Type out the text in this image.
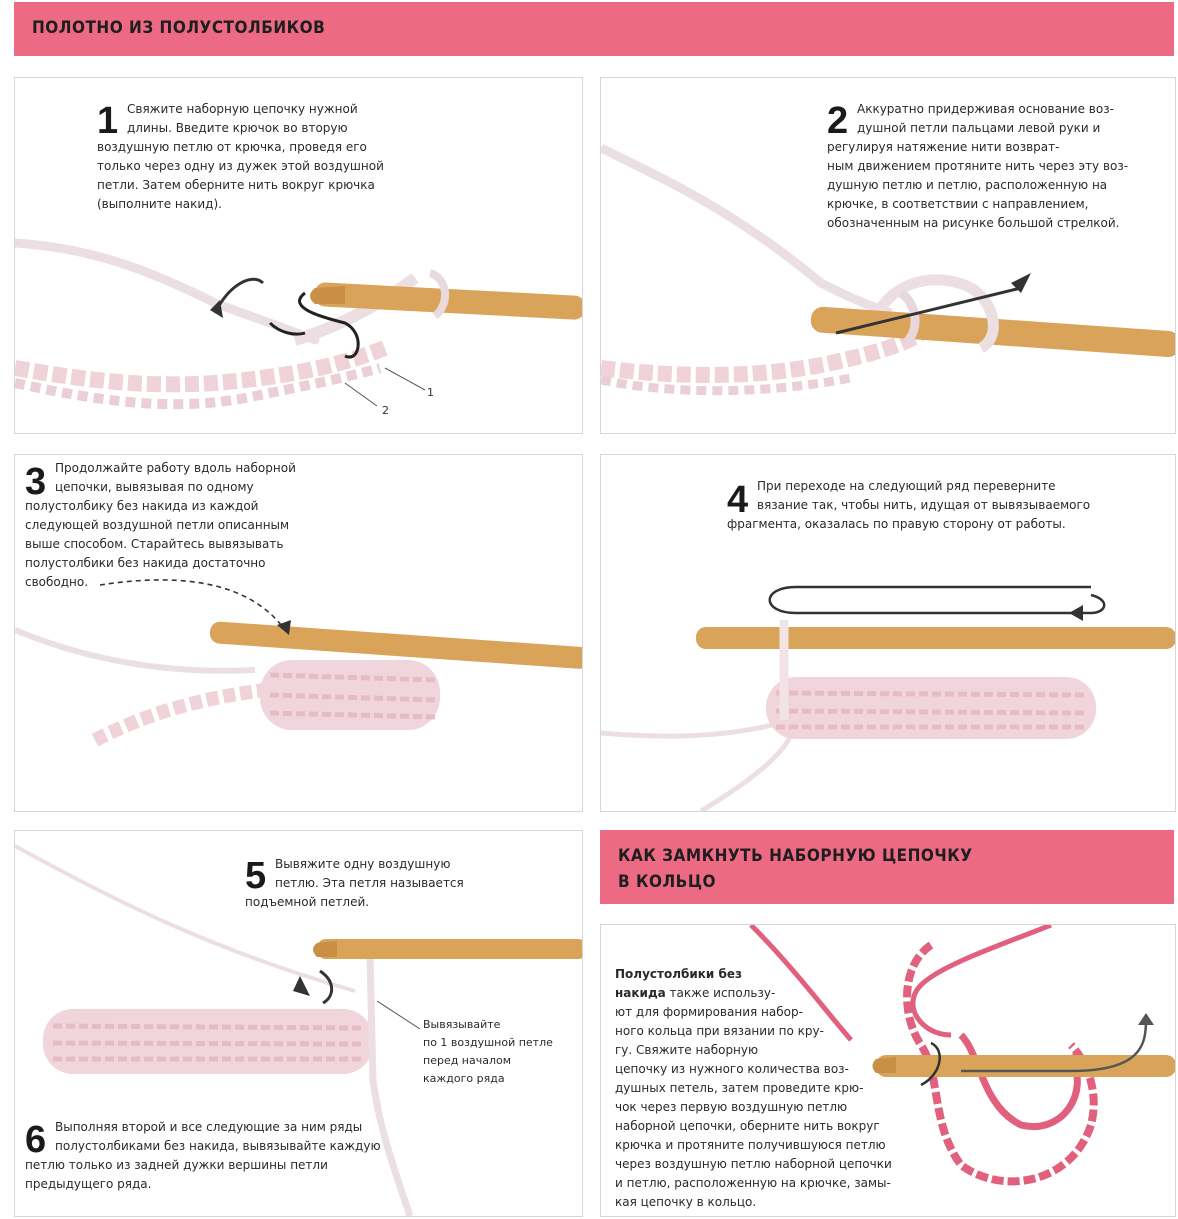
ПОЛОТНО ИЗ ПОЛУСТОЛБИКОВ
1
2
1 Свяжите наборную цепочку нужной
длины. Введите крючок во вторую
воздушную петлю от крючка, проведя его
только через одну из дужек этой воздушной
петли. Затем оберните нить вокруг крючка
(выполните накид).
2 Аккуратно придерживая основание воз-
душной петли пальцами левой руки и
регулируя натяжение нити возврат-
ным движением протяните нить через эту воз-
душную петлю и петлю, расположенную на
крючке, в соответствии с направлением,
обозначенным на рисунке большой стрелкой.
3 Продолжайте работу вдоль наборной
цепочки, вывязывая по одному
полустолбику без накида из каждой
следующей воздушной петли описанным
выше способом. Старайтесь вывязывать
полустолбики без накида достаточно
свободно.
4 При переходе на следующий ряд переверните
вязание так, чтобы нить, идущая от вывязываемого
фрагмента, оказалась по правую сторону от работы.
5 Вывяжите одну воздушную
петлю. Эта петля называется
подъемной петлей.
Вывязывайте
по 1 воздушной петле
перед началом
каждого ряда
6 Выполняя второй и все следующие за ним ряды
полустолбиками без накида, вывязывайте каждую
петлю только из задней дужки вершины петли
предыдущего ряда.
КАК ЗАМКНУТЬ НАБОРНУЮ ЦЕПОЧКУ
В КОЛЬЦО
Полустолбики без
накида также использу-
ют для формирования набор-
ного кольца при вязании по кру-
гу. Свяжите наборную
цепочку из нужного количества воз-
душных петель, затем проведите крю-
чок через первую воздушную петлю
наборной цепочки, оберните нить вокруг
крючка и протяните получившуюся петлю
через воздушную петлю наборной цепочки
и петлю, расположенную на крючке, замы-
кая цепочку в кольцо.
